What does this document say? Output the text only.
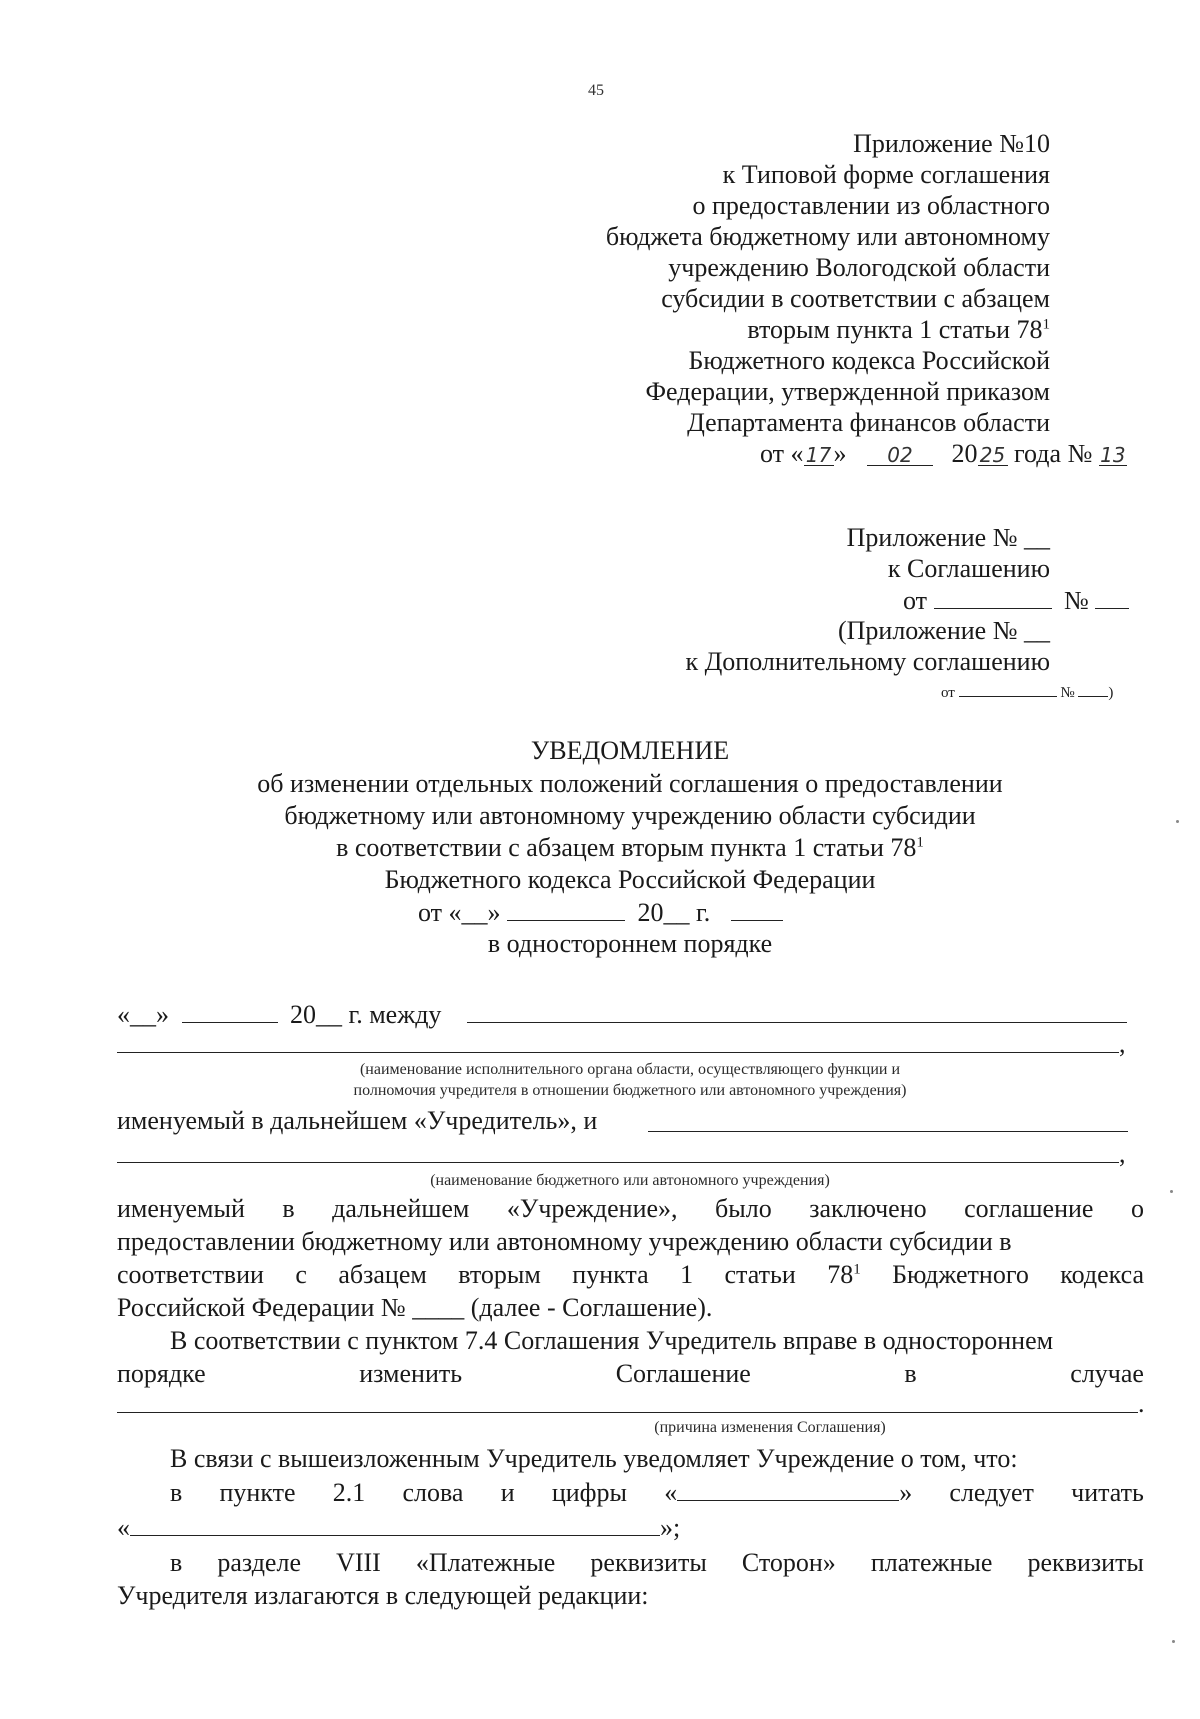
45
Приложение №10
к Типовой форме соглашения
о предоставлении из областного
бюджета бюджетному или автономному
учреждению Вологодской области
субсидии в соответствии с абзацем
вторым пункта 1 статьи $78^1$
Бюджетного кодекса Российской
Федерации, утвержденной приказом
Департамента финансов области
от « 17» 02 20 25 года № 13
Приложение № __
к Соглашению
от	№
(Приложение № __
к Дополнительному соглашению
от	№ )
УВЕДОМЛЕНИЕ
об изменении отдельных положений соглашения о предоставлении
бюджетному или автономному учреждению области субсидии
в соответствии с абзацем вторым пункта 1 статьи $78^1$
Бюджетного кодекса Российской Федерации
от «__»	20__ г.
в одностороннем порядке
«__»	20__ г. между
,
(наименование исполнительного органа области, осуществляющего функции и
полномочия учредителя в отношении бюджетного или автономного учреждения)
именуемый в дальнейшем «Учредитель», и
,
(наименование бюджетного или автономного учреждения)
именуемый в дальнейшем «Учреждение», было заключено соглашение о
предоставлении бюджетному или автономному учреждению области субсидии в
соответствии с абзацем вторым пункта 1 статьи $78^1$ Бюджетного кодекса
Российской Федерации № ____ (далее - Соглашение).
В соответствии с пунктом 7.4 Соглашения Учредитель вправе в одностороннем
порядке	изменить	Соглашение	в	случае
.
(причина изменения Соглашения)
В связи с вышеизложенным Учредитель уведомляет Учреждение о том, что:
в пункте 2.1 слова и цифры «	» следует читать
«	»;
в разделе VIII «Платежные реквизиты Сторон» платежные реквизиты
Учредителя излагаются в следующей редакции:
